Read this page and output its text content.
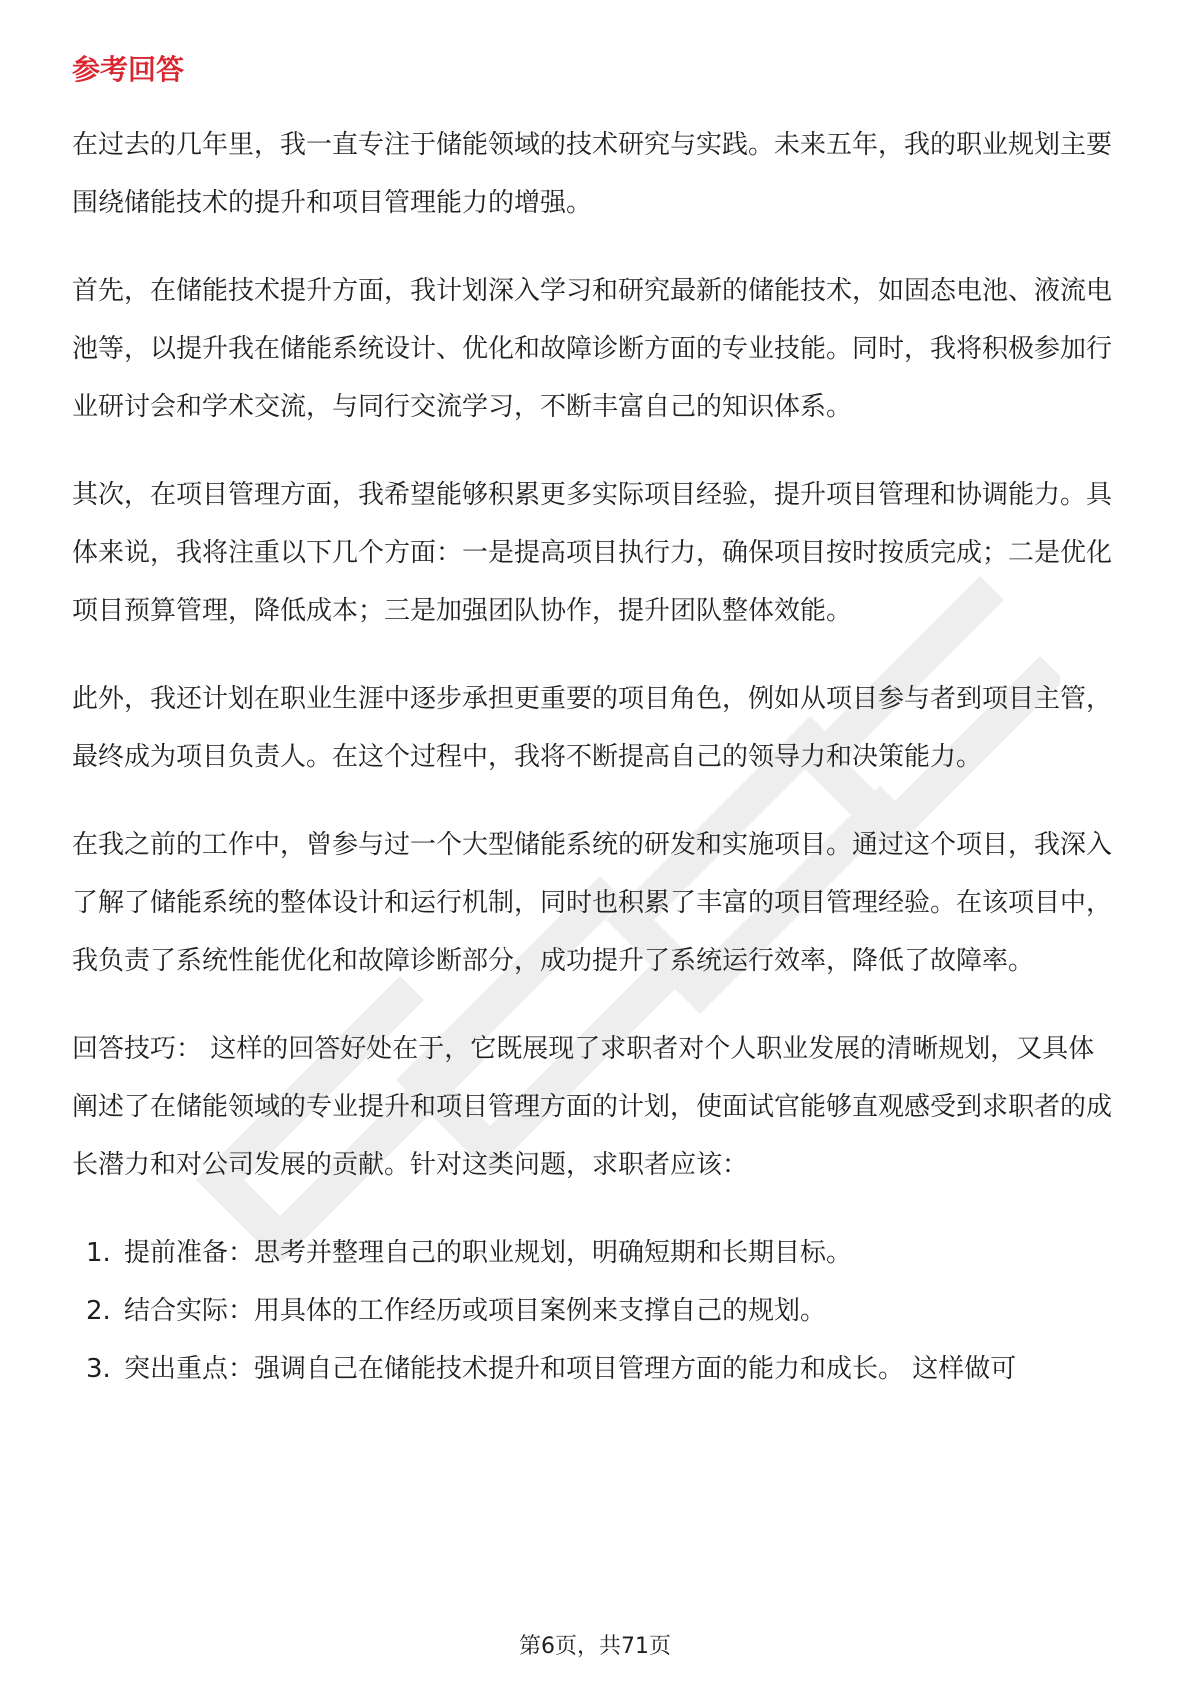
参考回答

在过去的几年里，我一直专注于储能领域的技术研究与实践。未来五年，我的职业规划主要围绕储能技术的提升和项目管理能力的增强。

首先，在储能技术提升方面，我计划深入学习和研究最新的储能技术，如固态电池、液流电池等，以提升我在储能系统设计、优化和故障诊断方面的专业技能。同时，我将积极参加行业研讨会和学术交流，与同行交流学习，不断丰富自己的知识体系。

其次，在项目管理方面，我希望能够积累更多实际项目经验，提升项目管理和协调能力。具体来说，我将注重以下几个方面：一是提高项目执行力，确保项目按时按质完成；二是优化项目预算管理，降低成本；三是加强团队协作，提升团队整体效能。

此外，我还计划在职业生涯中逐步承担更重要的项目角色，例如从项目参与者到项目主管，最终成为项目负责人。在这个过程中，我将不断提高自己的领导力和决策能力。

在我之前的工作中，曾参与过一个大型储能系统的研发和实施项目。通过这个项目，我深入了解了储能系统的整体设计和运行机制，同时也积累了丰富的项目管理经验。在该项目中，我负责了系统性能优化和故障诊断部分，成功提升了系统运行效率，降低了故障率。

回答技巧： 这样的回答好处在于，它既展现了求职者对个人职业发展的清晰规划，又具体阐述了在储能领域的专业提升和项目管理方面的计划，使面试官能够直观感受到求职者的成长潜力和对公司发展的贡献。针对这类问题，求职者应该：

1. 提前准备：思考并整理自己的职业规划，明确短期和长期目标。
2. 结合实际：用具体的工作经历或项目案例来支撑自己的规划。
3. 突出重点：强调自己在储能技术提升和项目管理方面的能力和成长。 这样做可
第6页，共71页
